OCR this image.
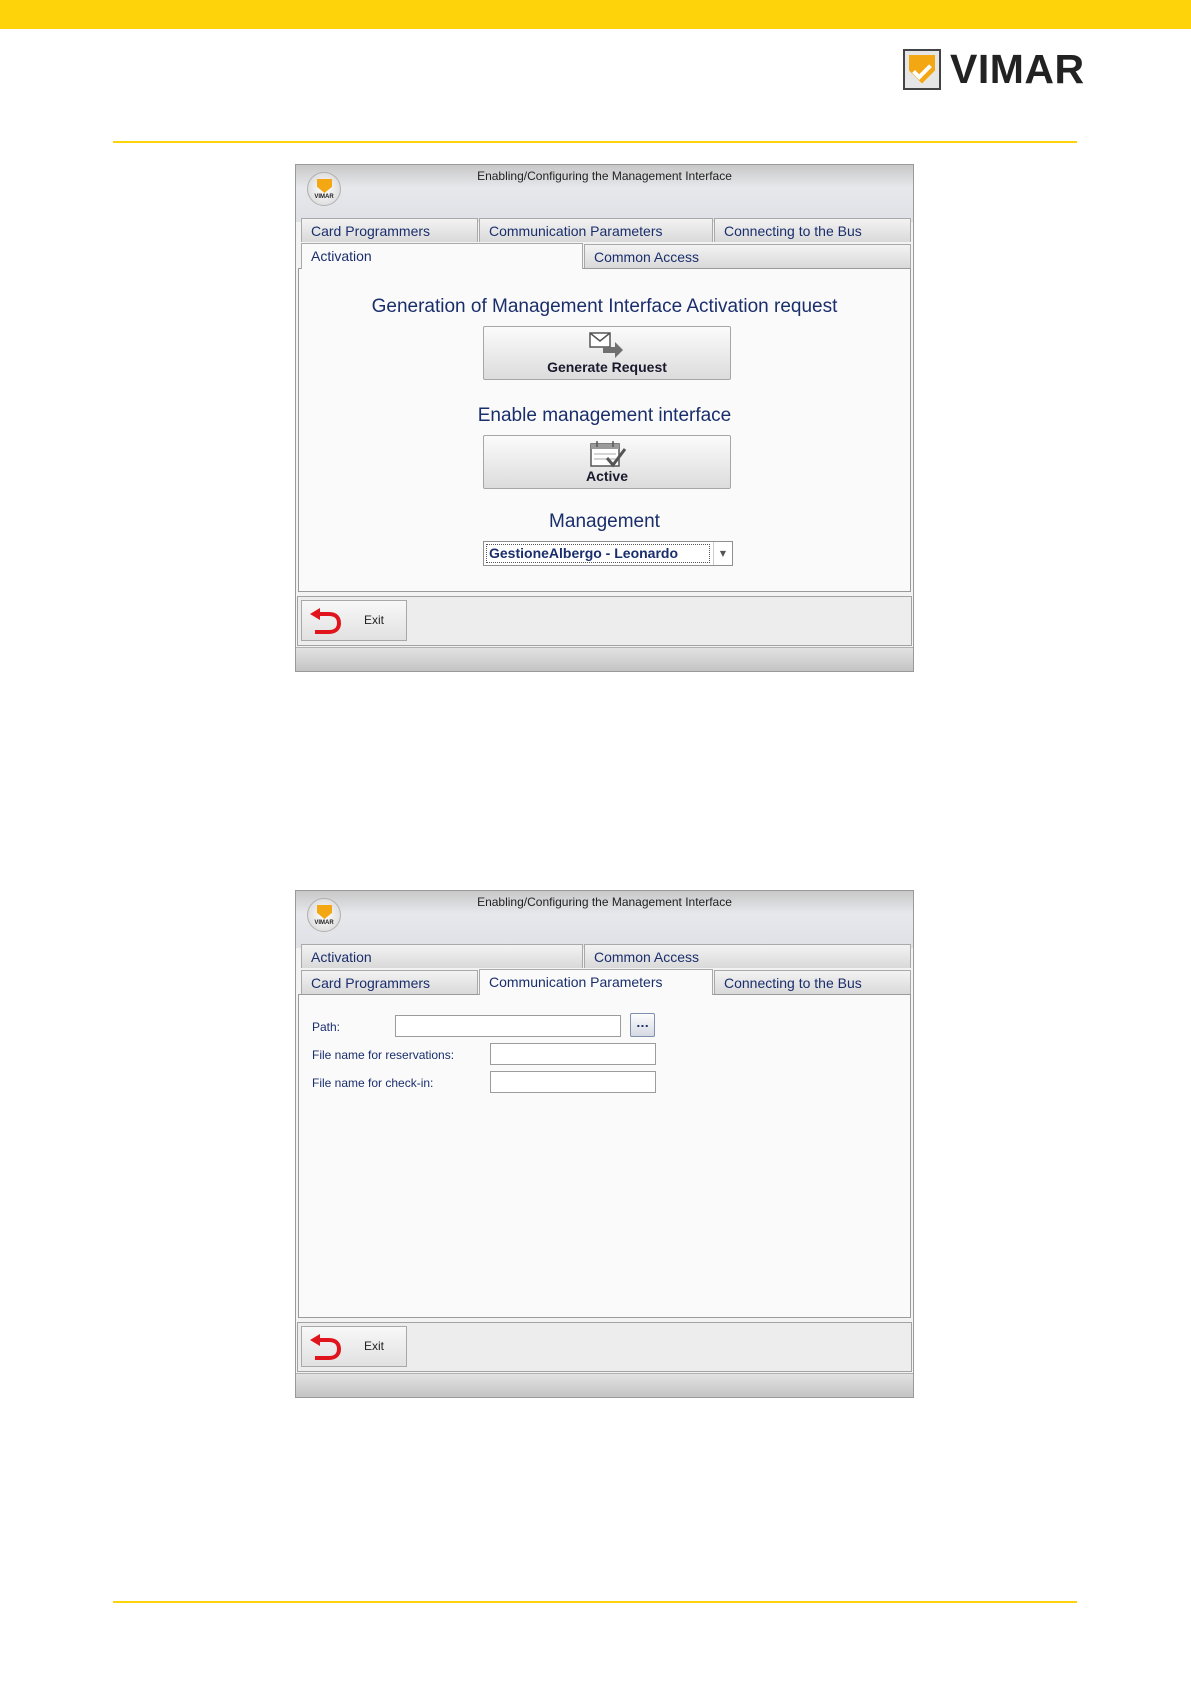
VIMAR
VIMAR
Enabling/Configuring the Management Interface
Card Programmers	Communication Parameters	Connecting to the Bus
Activation	Common Access
Generation of Management Interface Activation request
Generate Request
Enable management interface
Active
Management
GestioneAlbergo - Leonardo	▼
Exit
VIMAR
Enabling/Configuring the Management Interface
Activation	Common Access
Card Programmers	Communication Parameters	Connecting to the Bus
Path:	...
File name for reservations:
File name for check-in:
Exit
